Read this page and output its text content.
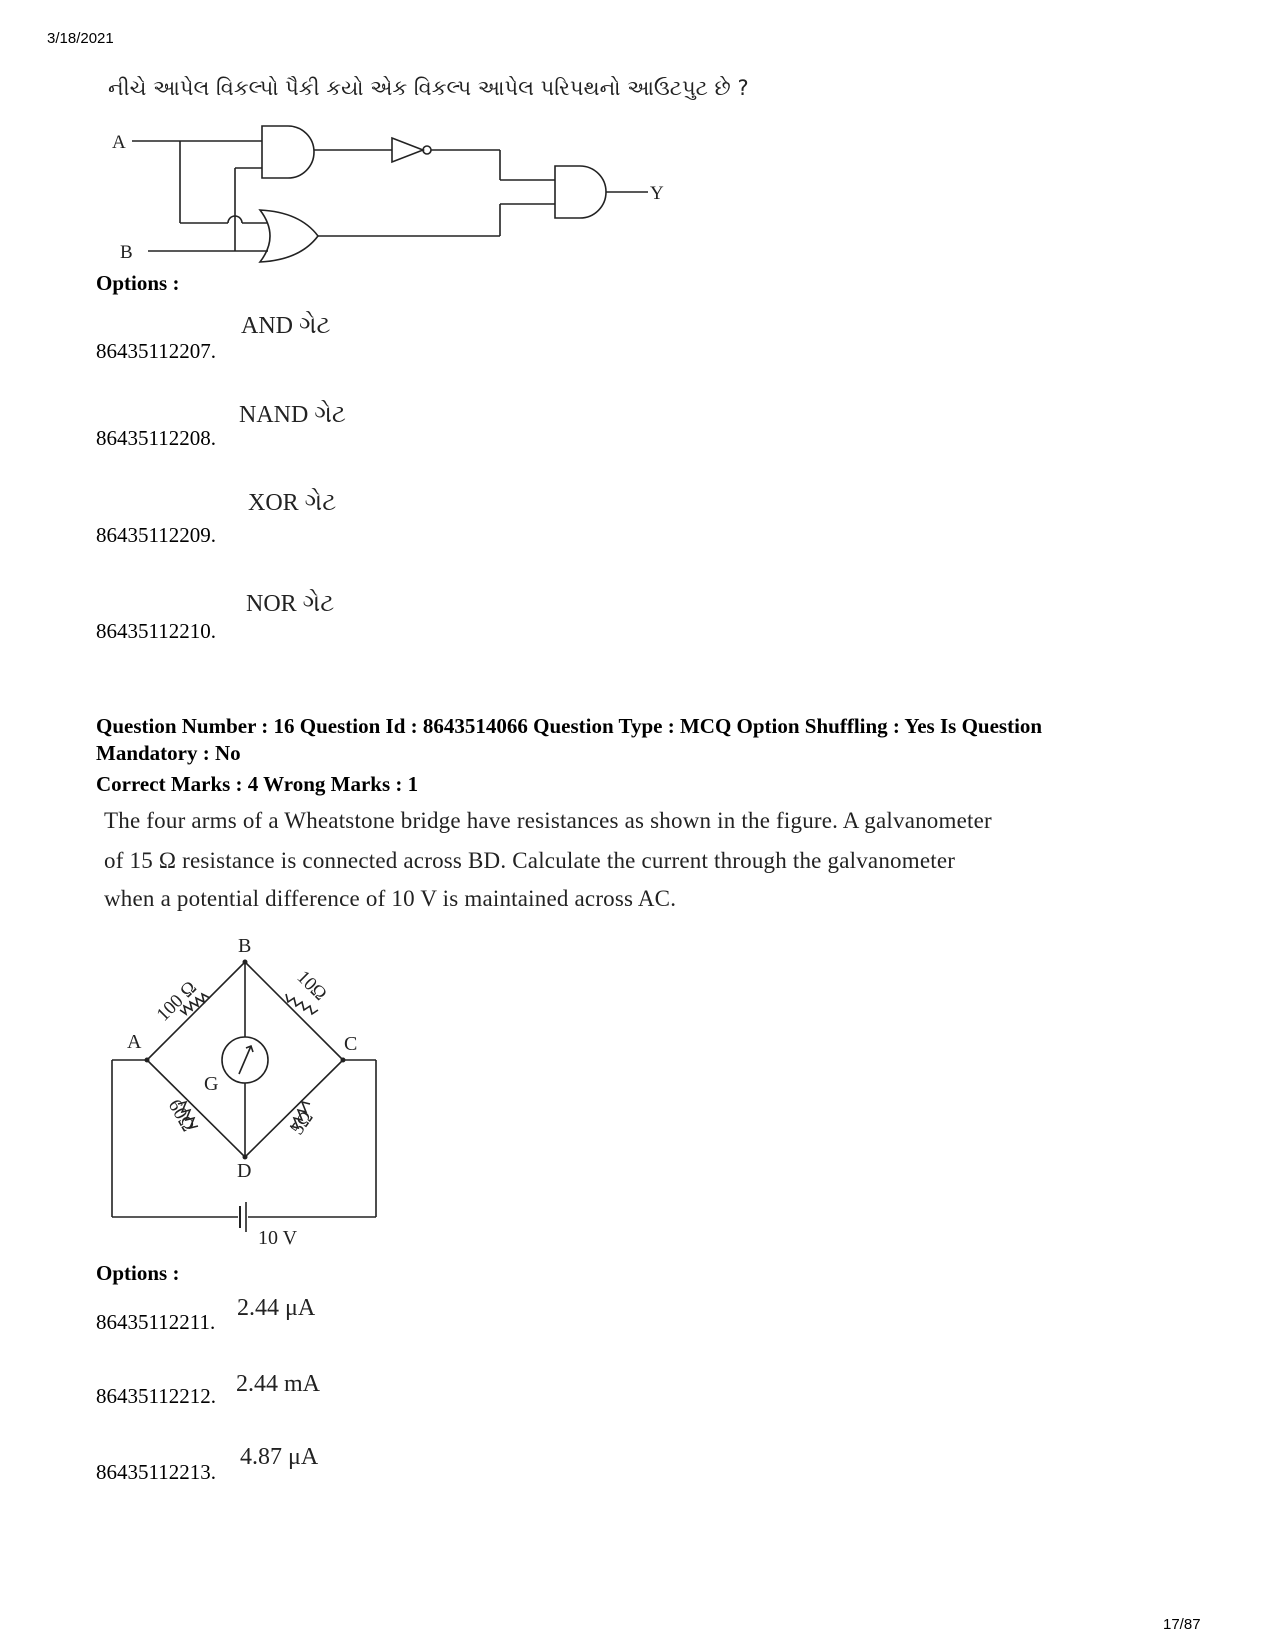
3/18/2021
નીચે આપેલ વિકલ્પો પૈકી કયો એક વિકલ્પ આપેલ પરિપથનો આઉટપુટ છે ?
A
B
Y
Options :
AND ગેટ
86435112207.
NAND ગેટ
86435112208.
XOR ગેટ
86435112209.
NOR ગેટ
86435112210.
Question Number : 16 Question Id : 8643514066 Question Type : MCQ Option Shuffling : Yes Is Question
Mandatory : No
Correct Marks : 4 Wrong Marks : 1
The four arms of a Wheatstone bridge have resistances as shown in the figure. A galvanometer
of 15 Ω resistance is connected across BD. Calculate the current through the galvanometer
when a potential difference of 10 V is maintained across AC.
B
A	C
D
G
100 Ω	10Ω
60Ω	5Ω
10 V
Options :
2.44 μA
86435112211.
2.44 mA
86435112212.
4.87 μA
86435112213.
17/87
